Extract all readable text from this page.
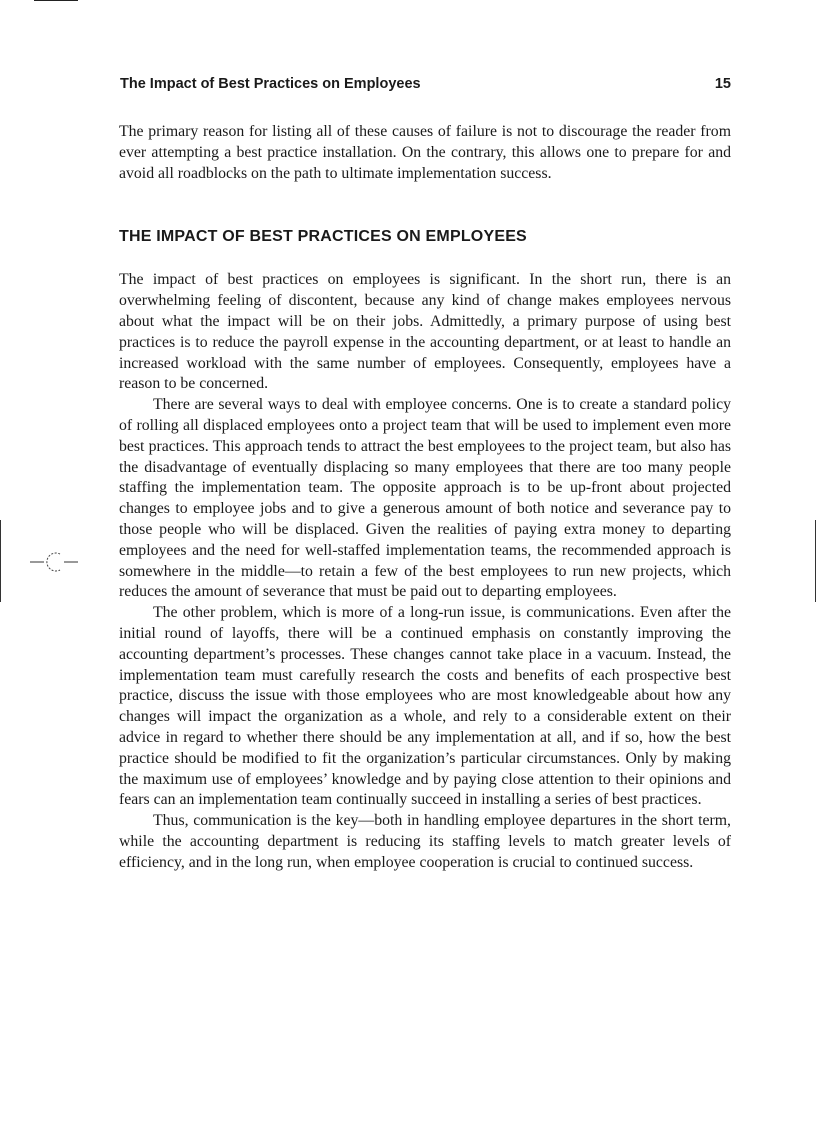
The Impact of Best Practices on Employees	15

The primary reason for listing all of these causes of failure is not to discourage the reader from ever attempting a best practice installation. On the contrary, this allows one to prepare for and avoid all roadblocks on the path to ultimate implementation success.

THE IMPACT OF BEST PRACTICES ON EMPLOYEES

The impact of best practices on employees is significant. In the short run, there is an overwhelming feeling of discontent, because any kind of change makes employees nervous about what the impact will be on their jobs. Admittedly, a primary purpose of using best practices is to reduce the payroll expense in the accounting department, or at least to handle an increased workload with the same number of employees. Consequently, employees have a reason to be concerned.

There are several ways to deal with employee concerns. One is to create a standard policy of rolling all displaced employees onto a project team that will be used to implement even more best practices. This approach tends to attract the best employees to the project team, but also has the disadvantage of eventually displacing so many employees that there are too many people staffing the implementation team. The opposite approach is to be up-front about projected changes to employee jobs and to give a generous amount of both notice and severance pay to those people who will be displaced. Given the realities of paying extra money to departing employees and the need for well-staffed implementation teams, the recommended approach is somewhere in the middle—to retain a few of the best employees to run new projects, which reduces the amount of severance that must be paid out to departing employees.

The other problem, which is more of a long-run issue, is communications. Even after the initial round of layoffs, there will be a continued emphasis on constantly improving the accounting department’s processes. These changes cannot take place in a vacuum. Instead, the implementation team must carefully research the costs and benefits of each prospective best practice, discuss the issue with those employees who are most knowledgeable about how any changes will impact the organization as a whole, and rely to a considerable extent on their advice in regard to whether there should be any implementation at all, and if so, how the best practice should be modified to fit the organization’s particular circumstances. Only by making the maximum use of employees’ knowledge and by paying close attention to their opinions and fears can an implementation team continually succeed in installing a series of best practices.

Thus, communication is the key—both in handling employee departures in the short term, while the accounting department is reducing its staffing levels to match greater levels of efficiency, and in the long run, when employee cooperation is crucial to continued success.
